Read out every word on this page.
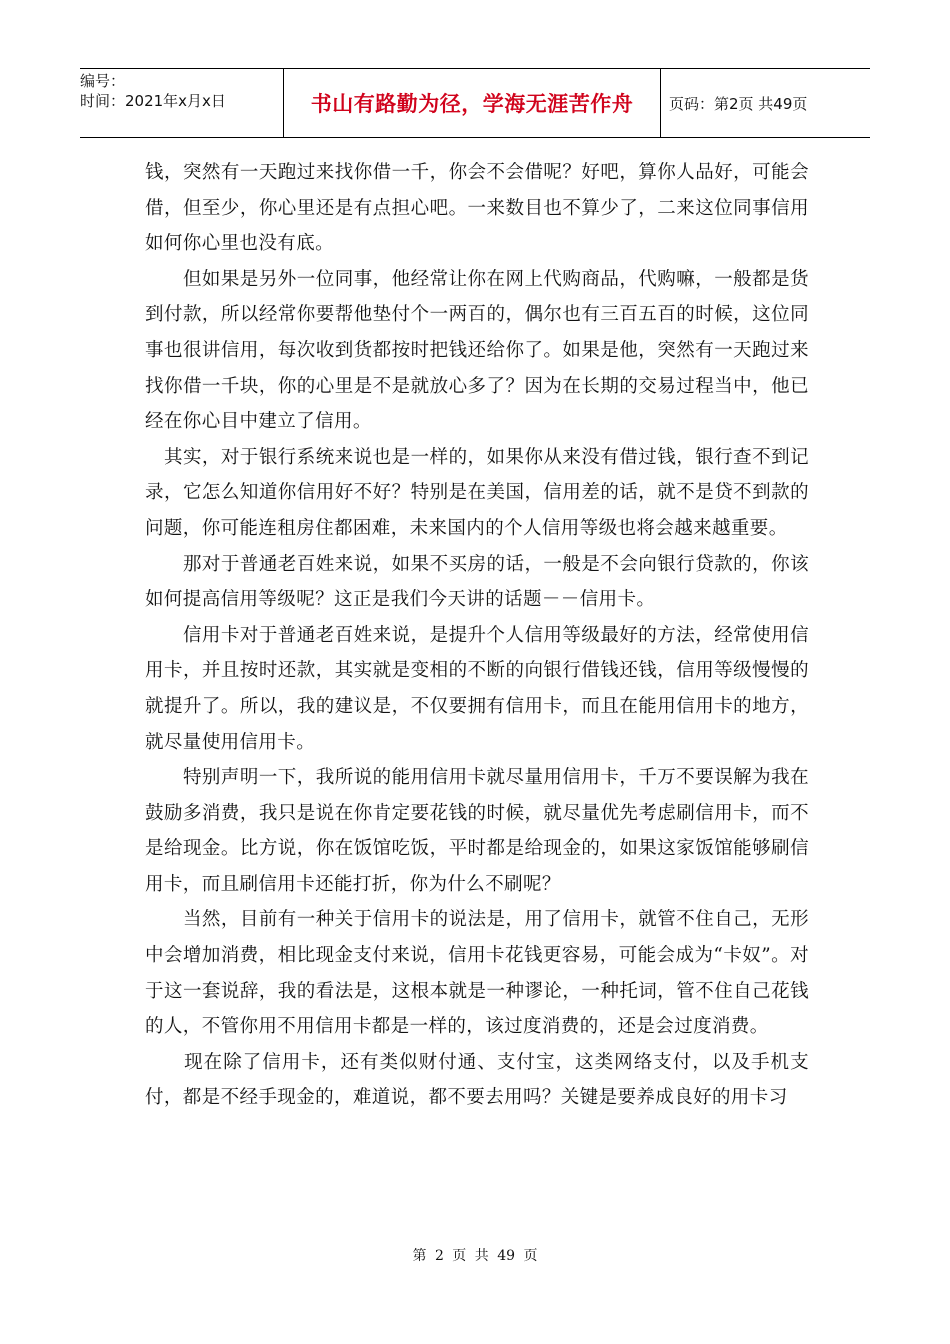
编号：
时间：2021年x月x日	书山有路勤为径，学海无涯苦作舟	页码：第2页 共49页

钱，突然有一天跑过来找你借一千，你会不会借呢？好吧，算你人品好，可能会借，但至少，你心里还是有点担心吧。一来数目也不算少了，二来这位同事信用如何你心里也没有底。

　　但如果是另外一位同事，他经常让你在网上代购商品，代购嘛，一般都是货到付款，所以经常你要帮他垫付个一两百的，偶尔也有三百五百的时候，这位同事也很讲信用，每次收到货都按时把钱还给你了。如果是他，突然有一天跑过来找你借一千块，你的心里是不是就放心多了？因为在长期的交易过程当中，他已经在你心目中建立了信用。

　其实，对于银行系统来说也是一样的，如果你从来没有借过钱，银行查不到记录，它怎么知道你信用好不好？特别是在美国，信用差的话，就不是贷不到款的问题，你可能连租房住都困难，未来国内的个人信用等级也将会越来越重要。

　　那对于普通老百姓来说，如果不买房的话，一般是不会向银行贷款的，你该如何提高信用等级呢？这正是我们今天讲的话题－－信用卡。

　　信用卡对于普通老百姓来说，是提升个人信用等级最好的方法，经常使用信用卡，并且按时还款，其实就是变相的不断的向银行借钱还钱，信用等级慢慢的就提升了。所以，我的建议是，不仅要拥有信用卡，而且在能用信用卡的地方，就尽量使用信用卡。

　　特别声明一下，我所说的能用信用卡就尽量用信用卡，千万不要误解为我在鼓励多消费，我只是说在你肯定要花钱的时候，就尽量优先考虑刷信用卡，而不是给现金。比方说，你在饭馆吃饭，平时都是给现金的，如果这家饭馆能够刷信用卡，而且刷信用卡还能打折，你为什么不刷呢？

　　当然，目前有一种关于信用卡的说法是，用了信用卡，就管不住自己，无形中会增加消费，相比现金支付来说，信用卡花钱更容易，可能会成为“卡奴”。对于这一套说辞，我的看法是，这根本就是一种谬论，一种托词，管不住自己花钱的人，不管你用不用信用卡都是一样的，该过度消费的，还是会过度消费。

　　现在除了信用卡，还有类似财付通、支付宝，这类网络支付，以及手机支付，都是不经手现金的，难道说，都不要去用吗？关键是要养成良好的用卡习

第 2 页 共 49 页
